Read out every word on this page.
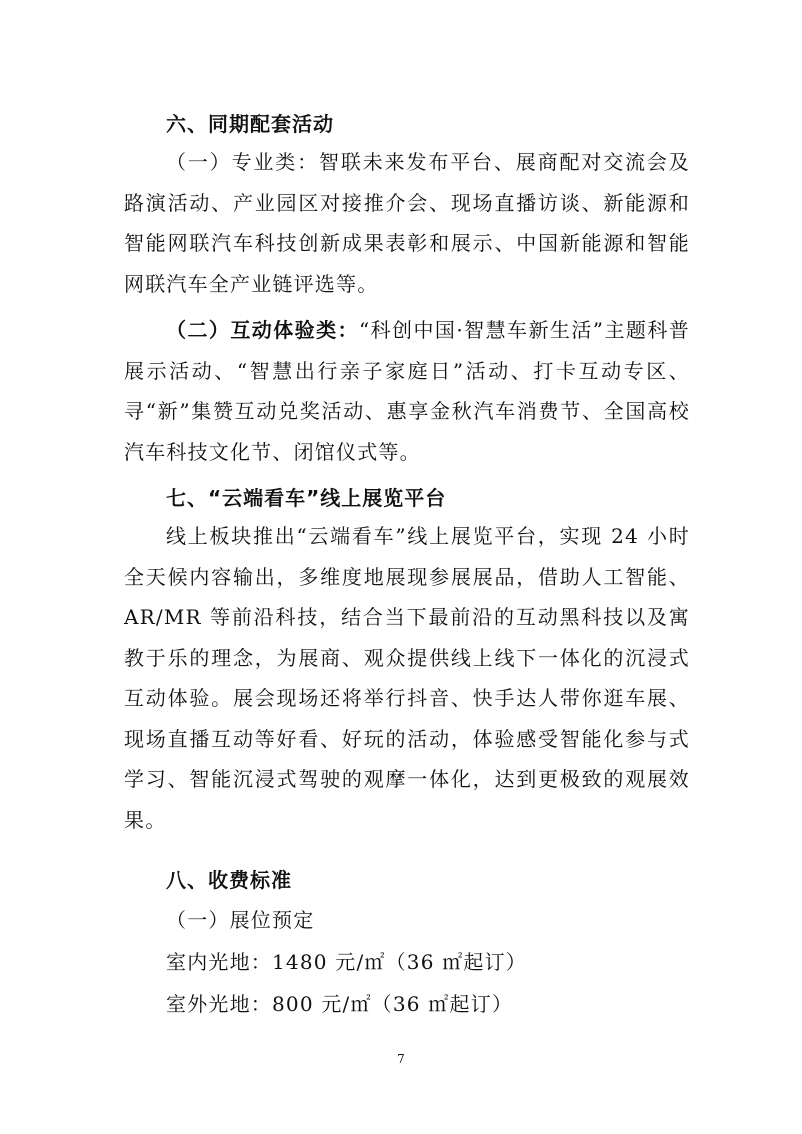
六、同期配套活动
（一）专业类：智联未来发布平台、展商配对交流会及路演活动、产业园区对接推介会、现场直播访谈、新能源和智能网联汽车科技创新成果表彰和展示、中国新能源和智能网联汽车全产业链评选等。
（二）互动体验类：“科创中国·智慧车新生活”主题科普展示活动、“智慧出行亲子家庭日”活动、打卡互动专区、寻“新”集赞互动兑奖活动、惠享金秋汽车消费节、全国高校汽车科技文化节、闭馆仪式等。
七、“云端看车”线上展览平台
线上板块推出“云端看车”线上展览平台，实现 24 小时全天候内容输出，多维度地展现参展展品，借助人工智能、AR/MR 等前沿科技，结合当下最前沿的互动黑科技以及寓教于乐的理念，为展商、观众提供线上线下一体化的沉浸式互动体验。展会现场还将举行抖音、快手达人带你逛车展、现场直播互动等好看、好玩的活动，体验感受智能化参与式学习、智能沉浸式驾驶的观摩一体化，达到更极致的观展效果。
八、收费标准
（一）展位预定
室内光地：1480 元/㎡（36 ㎡起订）
室外光地：800 元/㎡（36 ㎡起订）
7
